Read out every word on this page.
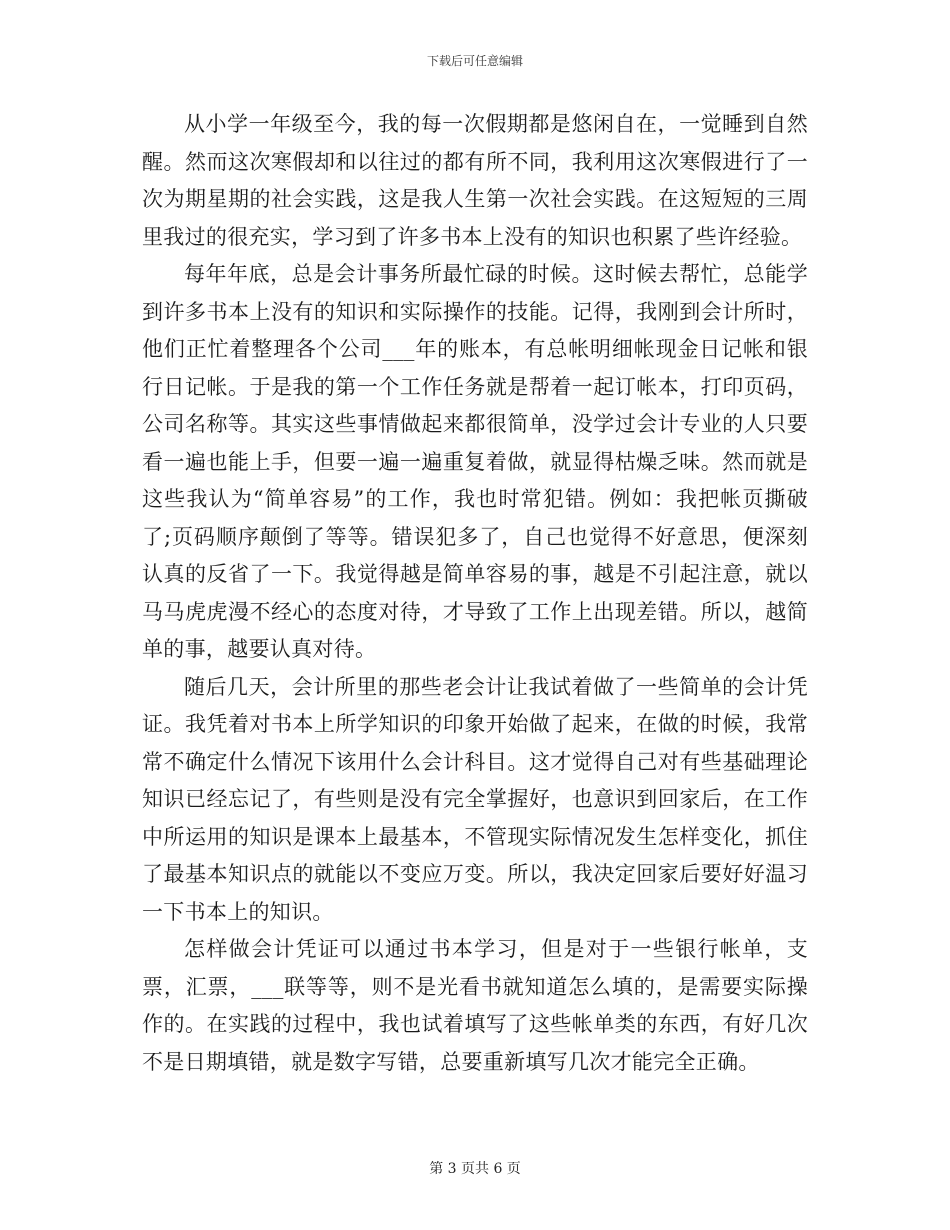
下载后可任意编辑

从小学一年级至今，我的每一次假期都是悠闲自在，一觉睡到自然醒。然而这次寒假却和以往过的都有所不同，我利用这次寒假进行了一次为期星期的社会实践，这是我人生第一次社会实践。在这短短的三周里我过的很充实，学习到了许多书本上没有的知识也积累了些许经验。

每年年底，总是会计事务所最忙碌的时候。这时候去帮忙，总能学到许多书本上没有的知识和实际操作的技能。记得，我刚到会计所时，他们正忙着整理各个公司___年的账本，有总帐明细帐现金日记帐和银行日记帐。于是我的第一个工作任务就是帮着一起订帐本，打印页码，公司名称等。其实这些事情做起来都很简单，没学过会计专业的人只要看一遍也能上手，但要一遍一遍重复着做，就显得枯燥乏味。然而就是这些我认为“简单容易”的工作，我也时常犯错。例如：我把帐页撕破了;页码顺序颠倒了等等。错误犯多了，自己也觉得不好意思，便深刻认真的反省了一下。我觉得越是简单容易的事，越是不引起注意，就以马马虎虎漫不经心的态度对待，才导致了工作上出现差错。所以，越简单的事，越要认真对待。

随后几天，会计所里的那些老会计让我试着做了一些简单的会计凭证。我凭着对书本上所学知识的印象开始做了起来，在做的时候，我常常不确定什么情况下该用什么会计科目。这才觉得自己对有些基础理论知识已经忘记了，有些则是没有完全掌握好，也意识到回家后，在工作中所运用的知识是课本上最基本，不管现实际情况发生怎样变化，抓住了最基本知识点的就能以不变应万变。所以，我决定回家后要好好温习一下书本上的知识。

怎样做会计凭证可以通过书本学习，但是对于一些银行帐单，支票，汇票，___联等等，则不是光看书就知道怎么填的，是需要实际操作的。在实践的过程中，我也试着填写了这些帐单类的东西，有好几次不是日期填错，就是数字写错，总要重新填写几次才能完全正确。

第 3 页共 6 页
